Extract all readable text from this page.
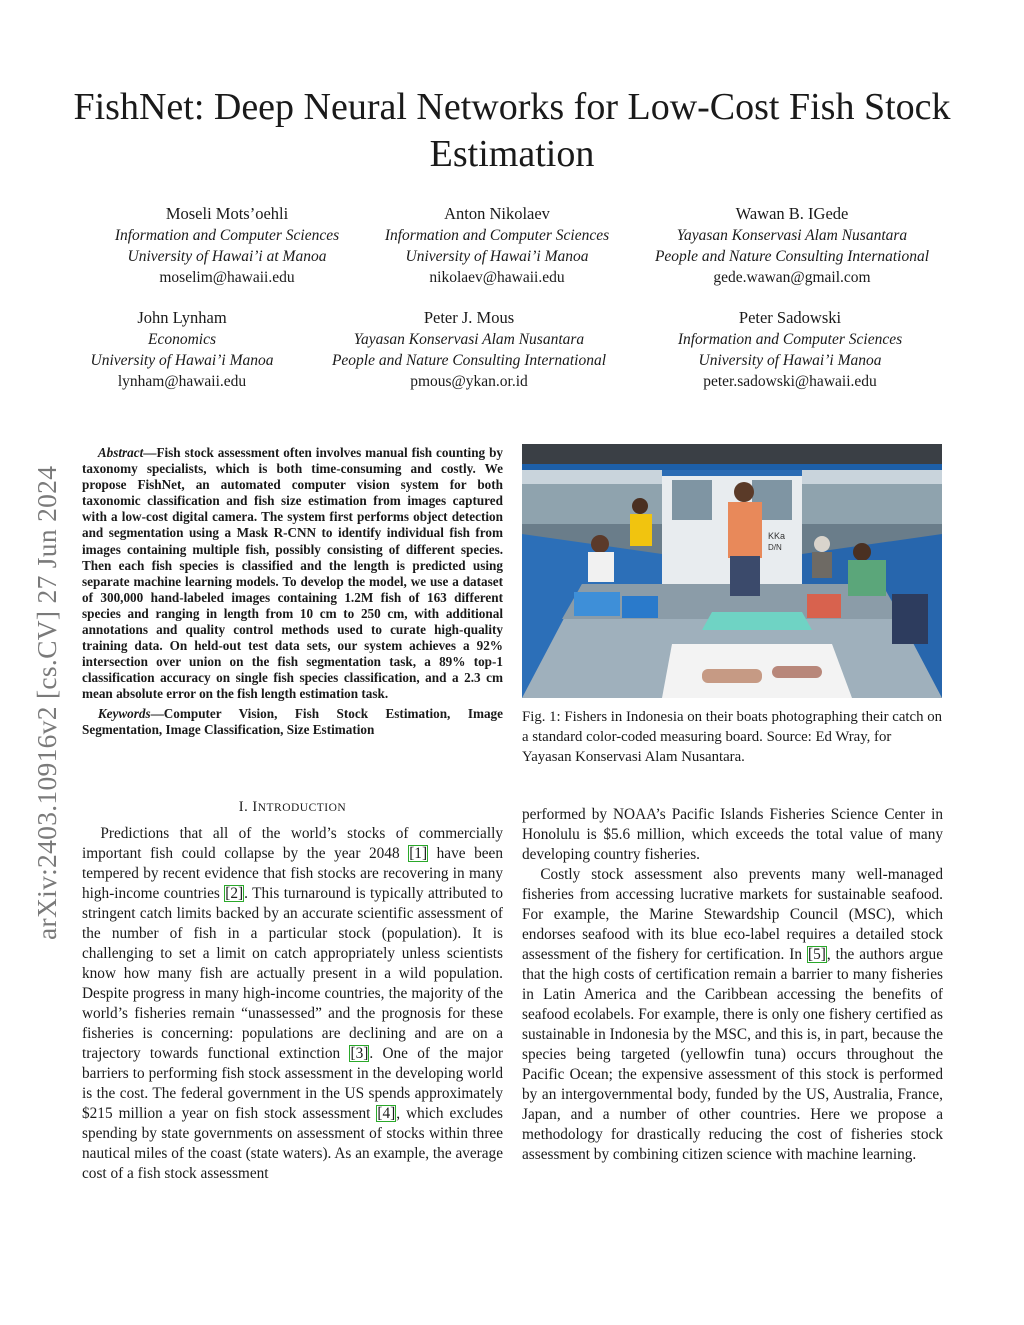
FishNet: Deep Neural Networks for Low-Cost Fish Stock Estimation
arXiv:2403.10916v2 [cs.CV] 27 Jun 2024
Moseli Mots’oehli
Information and Computer Sciences
University of Hawai’i at Manoa
moselim@hawaii.edu
Anton Nikolaev
Information and Computer Sciences
University of Hawai’i Manoa
nikolaev@hawaii.edu
Wawan B. IGede
Yayasan Konservasi Alam Nusantara
People and Nature Consulting International
gede.wawan@gmail.com
John Lynham
Economics
University of Hawai’i Manoa
lynham@hawaii.edu
Peter J. Mous
Yayasan Konservasi Alam Nusantara
People and Nature Consulting International
pmous@ykan.or.id
Peter Sadowski
Information and Computer Sciences
University of Hawai’i Manoa
peter.sadowski@hawaii.edu

Abstract—Fish stock assessment often involves manual fish counting by taxonomy specialists, which is both time-consuming and costly. We propose FishNet, an automated computer vision system for both taxonomic classification and fish size estimation from images captured with a low-cost digital camera. The system first performs object detection and segmentation using a Mask R-CNN to identify individual fish from images containing multiple fish, possibly consisting of different species. Then each fish species is classified and the length is predicted using separate machine learning models. To develop the model, we use a dataset of 300,000 hand-labeled images containing 1.2M fish of 163 different species and ranging in length from 10 cm to 250 cm, with additional annotations and quality control methods used to curate high-quality training data. On held-out test data sets, our system achieves a 92% intersection over union on the fish segmentation task, a 89% top-1 classification accuracy on single fish species classification, and a 2.3 cm mean absolute error on the fish length estimation task.

Keywords—Computer Vision, Fish Stock Estimation, Image Segmentation, Image Classification, Size Estimation

I. INTRODUCTION

Predictions that all of the world’s stocks of commercially important fish could collapse by the year 2048 [1] have been tempered by recent evidence that fish stocks are recovering in many high-income countries [2]. This turnaround is typically attributed to stringent catch limits backed by an accurate scientific assessment of the number of fish in a particular stock (population). It is challenging to set a limit on catch appropriately unless scientists know how many fish are actually present in a wild population. Despite progress in many high-income countries, the majority of the world’s fisheries remain “unassessed” and the prognosis for these fisheries is concerning: populations are declining and are on a trajectory towards functional extinction [3]. One of the major barriers to performing fish stock assessment in the developing world is the cost. The federal government in the US spends approximately $215 million a year on fish stock assessment [4], which excludes spending by state governments on assessment of stocks within three nautical miles of the coast (state waters). As an example, the average cost of a fish stock assessment

KKa
D/N
Fig. 1: Fishers in Indonesia on their boats photographing their catch on a standard color-coded measuring board. Source: Ed Wray, for Yayasan Konservasi Alam Nusantara.

performed by NOAA’s Pacific Islands Fisheries Science Center in Honolulu is $5.6 million, which exceeds the total value of many developing country fisheries.

Costly stock assessment also prevents many well-managed fisheries from accessing lucrative markets for sustainable seafood. For example, the Marine Stewardship Council (MSC), which endorses seafood with its blue eco-label requires a detailed stock assessment of the fishery for certification. In [5], the authors argue that the high costs of certification remain a barrier to many fisheries in Latin America and the Caribbean accessing the benefits of seafood ecolabels. For example, there is only one fishery certified as sustainable in Indonesia by the MSC, and this is, in part, because the species being targeted (yellowfin tuna) occurs throughout the Pacific Ocean; the expensive assessment of this stock is performed by an intergovernmental body, funded by the US, Australia, France, Japan, and a number of other countries. Here we propose a methodology for drastically reducing the cost of fisheries stock assessment by combining citizen science with machine learning.
